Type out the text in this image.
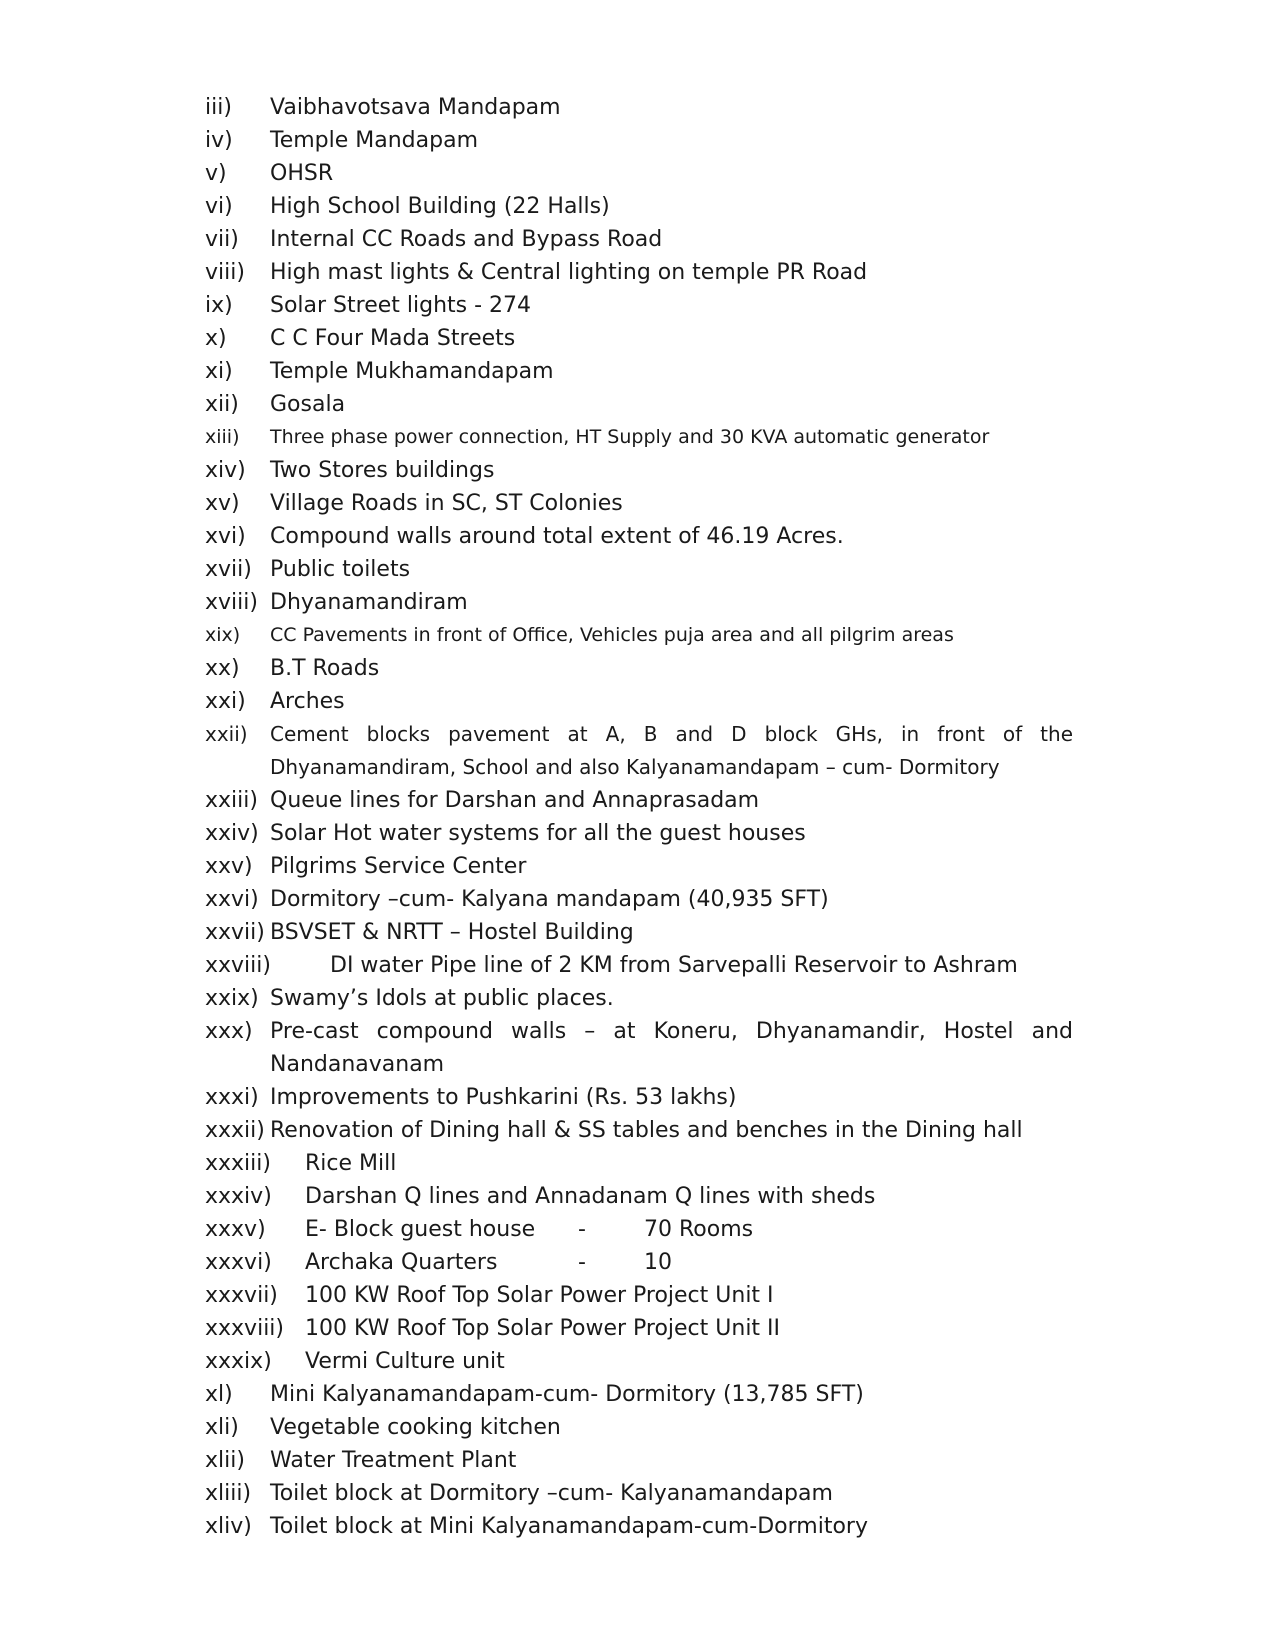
iii)	Vaibhavotsava Mandapam
iv)	Temple Mandapam
v)	OHSR
vi)	High School Building (22 Halls)
vii)	Internal CC Roads and Bypass Road
viii)	High mast lights & Central lighting on temple PR Road
ix)	Solar Street lights - 274
x)	C C Four Mada Streets
xi)	Temple Mukhamandapam
xii)	Gosala
xiii)	Three phase power connection, HT Supply and 30 KVA automatic generator
xiv)	Two Stores buildings
xv)	Village Roads in SC, ST Colonies
xvi)	Compound walls around total extent of 46.19 Acres.
xvii) Public toilets
xviii) Dhyanamandiram
xix)	CC Pavements in front of Office, Vehicles puja area and all pilgrim areas
xx)	B.T Roads
xxi)	Arches
xxii)	Cement blocks pavement at A, B and D block GHs, in front of the
Dhyanamandiram, School and also Kalyanamandapam – cum- Dormitory
xxiii) Queue lines for Darshan and Annaprasadam
xxiv) Solar Hot water systems for all the guest houses
xxv) Pilgrims Service Center
xxvi) Dormitory –cum- Kalyana mandapam (40,935 SFT)
xxvii) BSVSET & NRTT – Hostel Building
xxviii)	DI water Pipe line of 2 KM from Sarvepalli Reservoir to Ashram
xxix) Swamy’s Idols at public places.
xxx) Pre-cast compound walls – at Koneru, Dhyanamandir, Hostel and
Nandanavanam
xxxi) Improvements to Pushkarini (Rs. 53 lakhs)
xxxii) Renovation of Dining hall & SS tables and benches in the Dining hall
xxxiii)	Rice Mill
xxxiv)	Darshan Q lines and Annadanam Q lines with sheds
xxxv)	E- Block guest house -	70 Rooms
xxxvi)	Archaka Quarters	-	10
xxxvii)	100 KW Roof Top Solar Power Project Unit I
xxxviii) 100 KW Roof Top Solar Power Project Unit II
xxxix)	Vermi Culture unit
xl)	Mini Kalyanamandapam-cum- Dormitory (13,785 SFT)
xli)	Vegetable cooking kitchen
xlii)	Water Treatment Plant
xliii) Toilet block at Dormitory –cum- Kalyanamandapam
xliv) Toilet block at Mini Kalyanamandapam-cum-Dormitory
